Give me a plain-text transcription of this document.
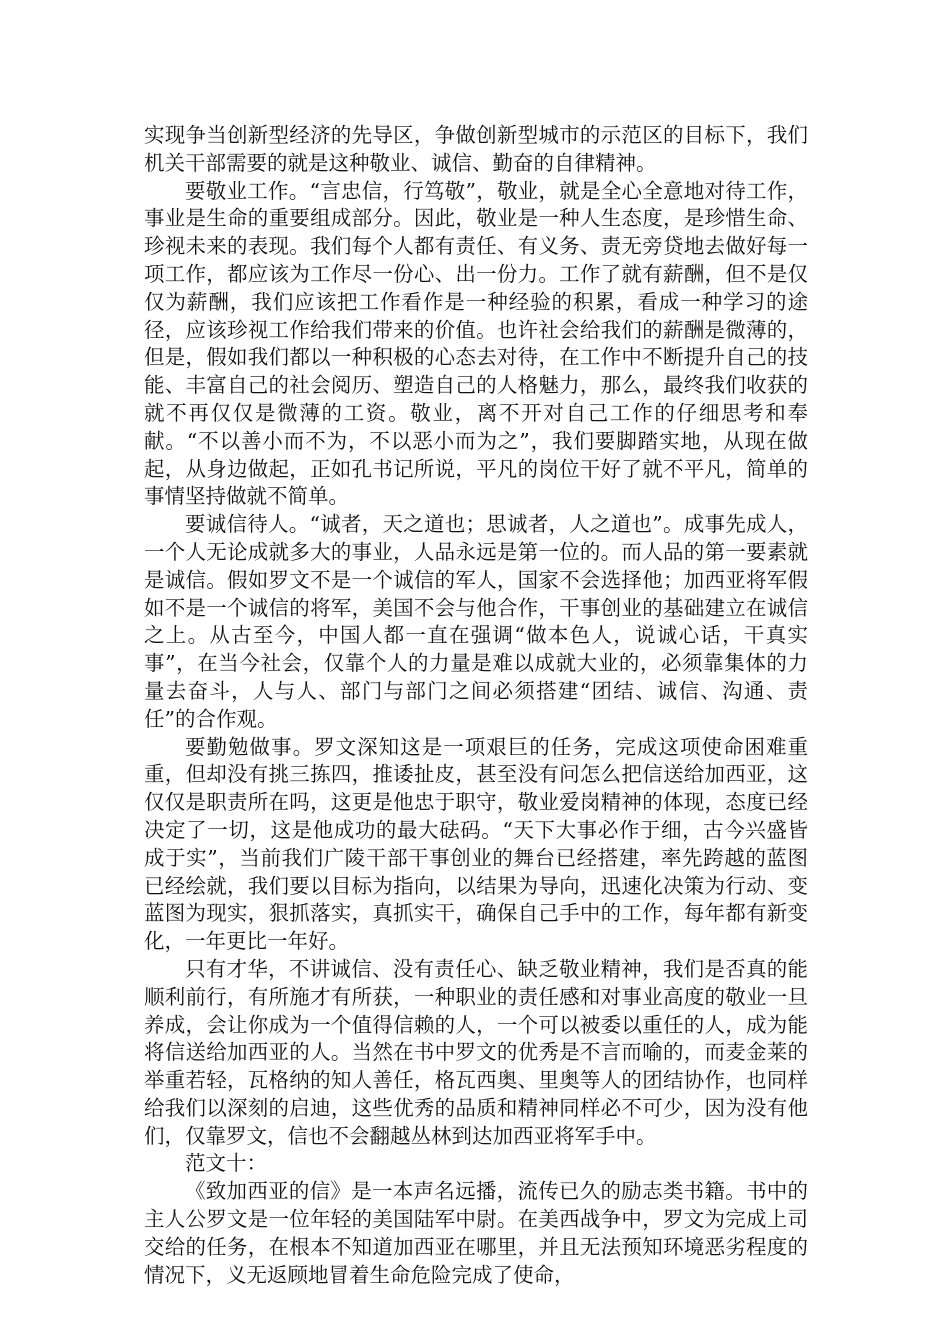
实现争当创新型经济的先导区，争做创新型城市的示范区的目标下，我们机关干部需要的就是这种敬业、诚信、勤奋的自律精神。

要敬业工作。“言忠信，行笃敬”，敬业，就是全心全意地对待工作，事业是生命的重要组成部分。因此，敬业是一种人生态度，是珍惜生命、珍视未来的表现。我们每个人都有责任、有义务、责无旁贷地去做好每一项工作，都应该为工作尽一份心、出一份力。工作了就有薪酬，但不是仅仅为薪酬，我们应该把工作看作是一种经验的积累，看成一种学习的途径，应该珍视工作给我们带来的价值。也许社会给我们的薪酬是微薄的，但是，假如我们都以一种积极的心态去对待，在工作中不断提升自己的技能、丰富自己的社会阅历、塑造自己的人格魅力，那么，最终我们收获的就不再仅仅是微薄的工资。敬业，离不开对自己工作的仔细思考和奉献。“不以善小而不为，不以恶小而为之”，我们要脚踏实地，从现在做起，从身边做起，正如孔书记所说，平凡的岗位干好了就不平凡，简单的事情坚持做就不简单。

要诚信待人。“诚者，天之道也；思诚者，人之道也”。成事先成人，一个人无论成就多大的事业，人品永远是第一位的。而人品的第一要素就是诚信。假如罗文不是一个诚信的军人，国家不会选择他；加西亚将军假如不是一个诚信的将军，美国不会与他合作，干事创业的基础建立在诚信之上。从古至今，中国人都一直在强调“做本色人，说诚心话，干真实事”，在当今社会，仅靠个人的力量是难以成就大业的，必须靠集体的力量去奋斗，人与人、部门与部门之间必须搭建“团结、诚信、沟通、责任”的合作观。

要勤勉做事。罗文深知这是一项艰巨的任务，完成这项使命困难重重，但却没有挑三拣四，推诿扯皮，甚至没有问怎么把信送给加西亚，这仅仅是职责所在吗，这更是他忠于职守，敬业爱岗精神的体现，态度已经决定了一切，这是他成功的最大砝码。“天下大事必作于细，古今兴盛皆成于实”，当前我们广陵干部干事创业的舞台已经搭建，率先跨越的蓝图已经绘就，我们要以目标为指向，以结果为导向，迅速化决策为行动、变蓝图为现实，狠抓落实，真抓实干，确保自己手中的工作，每年都有新变化，一年更比一年好。

只有才华，不讲诚信、没有责任心、缺乏敬业精神，我们是否真的能顺利前行，有所施才有所获，一种职业的责任感和对事业高度的敬业一旦养成，会让你成为一个值得信赖的人，一个可以被委以重任的人，成为能将信送给加西亚的人。当然在书中罗文的优秀是不言而喻的，而麦金莱的举重若轻，瓦格纳的知人善任，格瓦西奥、里奥等人的团结协作，也同样给我们以深刻的启迪，这些优秀的品质和精神同样必不可少，因为没有他们，仅靠罗文，信也不会翻越丛林到达加西亚将军手中。

范文十：

《致加西亚的信》是一本声名远播，流传已久的励志类书籍。书中的主人公罗文是一位年轻的美国陆军中尉。在美西战争中，罗文为完成上司交给的任务，在根本不知道加西亚在哪里，并且无法预知环境恶劣程度的情况下，义无返顾地冒着生命危险完成了使命，
